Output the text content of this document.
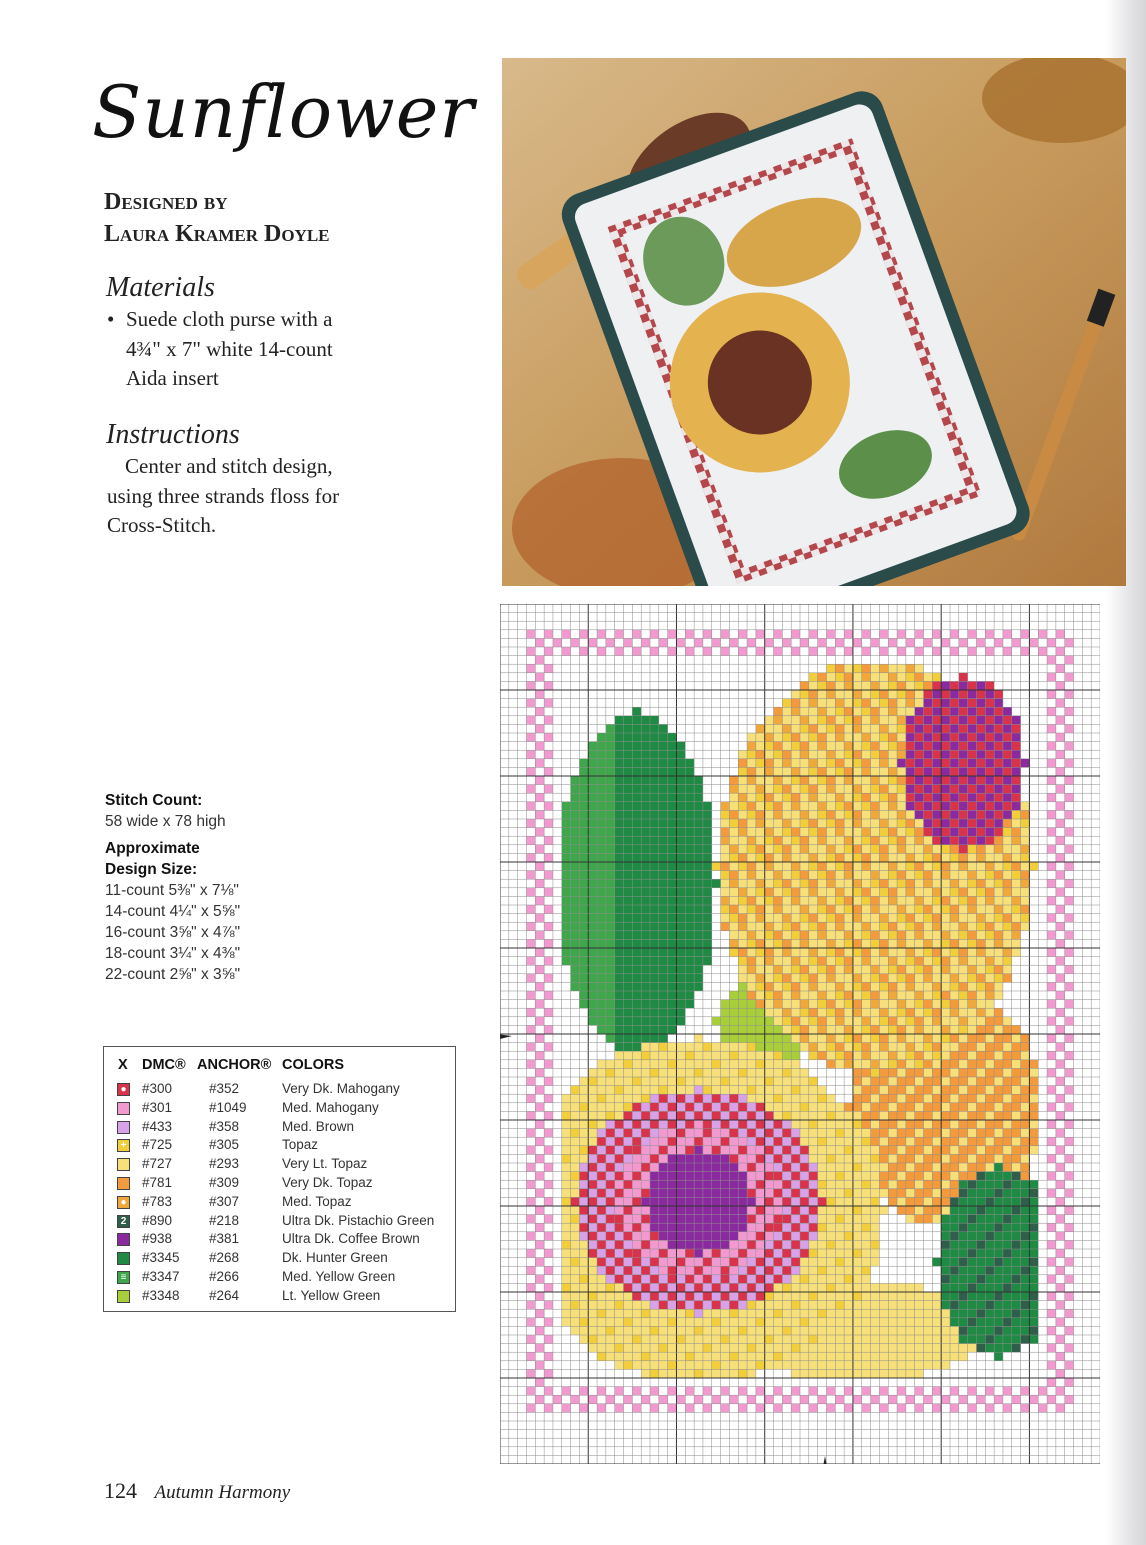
Sunflower
Designed by
Laura Kramer Doyle
Materials
• Suede cloth purse with a
4¾" x 7" white 14-count
Aida insert
Instructions
Center and stitch design,
using three strands floss for
Cross-Stitch.
Stitch Count:
58 wide x 78 high
Approximate
Design Size:
11-count 5⅜" x 7⅛"
14-count 4¼" x 5⅝"
16-count 3⅝" x 4⅞"
18-count 3¼" x 4⅜"
22-count 2⅝" x 3⅝"
X DMC® ANCHOR® COLORS
● #300	#352	Very Dk. Mahogany
#301	#1049	Med. Mahogany
#433	#358	Med. Brown
+ #725	#305	Topaz
#727	#293	Very Lt. Topaz
#781	#309	Very Dk. Topaz
● #783	#307	Med. Topaz
2 #890	#218	Ultra Dk. Pistachio Green
#938	#381	Ultra Dk. Coffee Brown
#3345 #268	Dk. Hunter Green
≡ #3347 #266	Med. Yellow Green
#3348 #264	Lt. Yellow Green
124 Autumn Harmony
